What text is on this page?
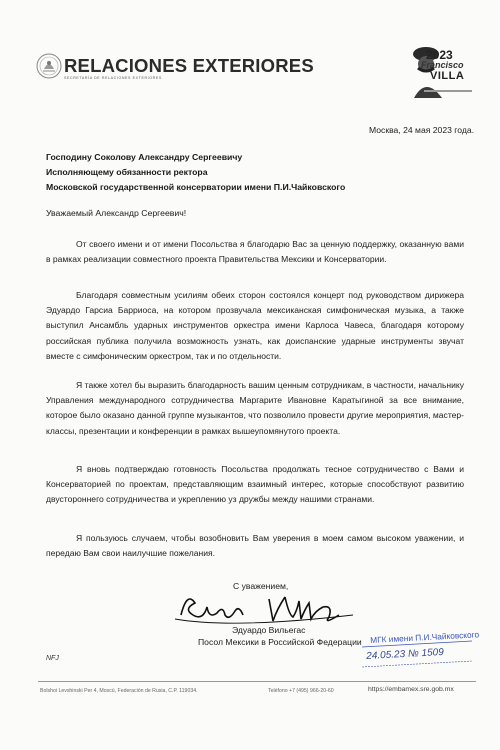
RELACIONES EXTERIORES
SECRETARÍA DE RELACIONES EXTERIORES
2023
Francisco
VILLA
Москва, 24 мая 2023 года.
Господину Соколову Александру Сергеевичу
Исполняющему обязанности ректора
Московской государственной консерватории имени П.И.Чайковского
Уважаемый Александр Сергеевич!
От своего имени и от имени Посольства я благодарю Вас за ценную поддержку, оказанную вами в рамках реализации совместного проекта Правительства Мексики и Консерватории.
Благодаря совместным усилиям обеих сторон состоялся концерт под руководством дирижера Эдуардо Гарсиа Барриоса, на котором прозвучала мексиканская симфоническая музыка, а также выступил Ансамбль ударных инструментов оркестра имени Карлоса Чавеса, благодаря которому российская публика получила возможность узнать, как доиспанские ударные инструменты звучат вместе с симфоническим оркестром, так и по отдельности.
Я также хотел бы выразить благодарность вашим ценным сотрудникам, в частности, начальнику Управления международного сотрудничества Маргарите Ивановне Каратыгиной за все внимание, которое было оказано данной группе музыкантов, что позволило провести другие мероприятия, мастер-классы, презентации и конференции в рамках вышеупомянутого проекта.
Я вновь подтверждаю готовность Посольства продолжать тесное сотрудничество с Вами и Консерваторией по проектам, представляющим взаимный интерес, которые способствуют развитию двустороннего сотрудничества и укреплению уз дружбы между нашими странами.
Я пользуюсь случаем, чтобы возобновить Вам уверения в моем самом высоком уважении, и передаю Вам свои наилучшие пожелания.
С уважением,
Эдуардо Вильегас
Посол Мексики в Российской Федерации
NFJ
МГК имени П.И.Чайковского
24.05.23 № 1509
Bolshoi Levshinski Per 4, Moscú, Federación de Rusia, C.P. 119034.	Teléfono +7 (495) 966-20-60	https://embamex.sre.gob.mx
